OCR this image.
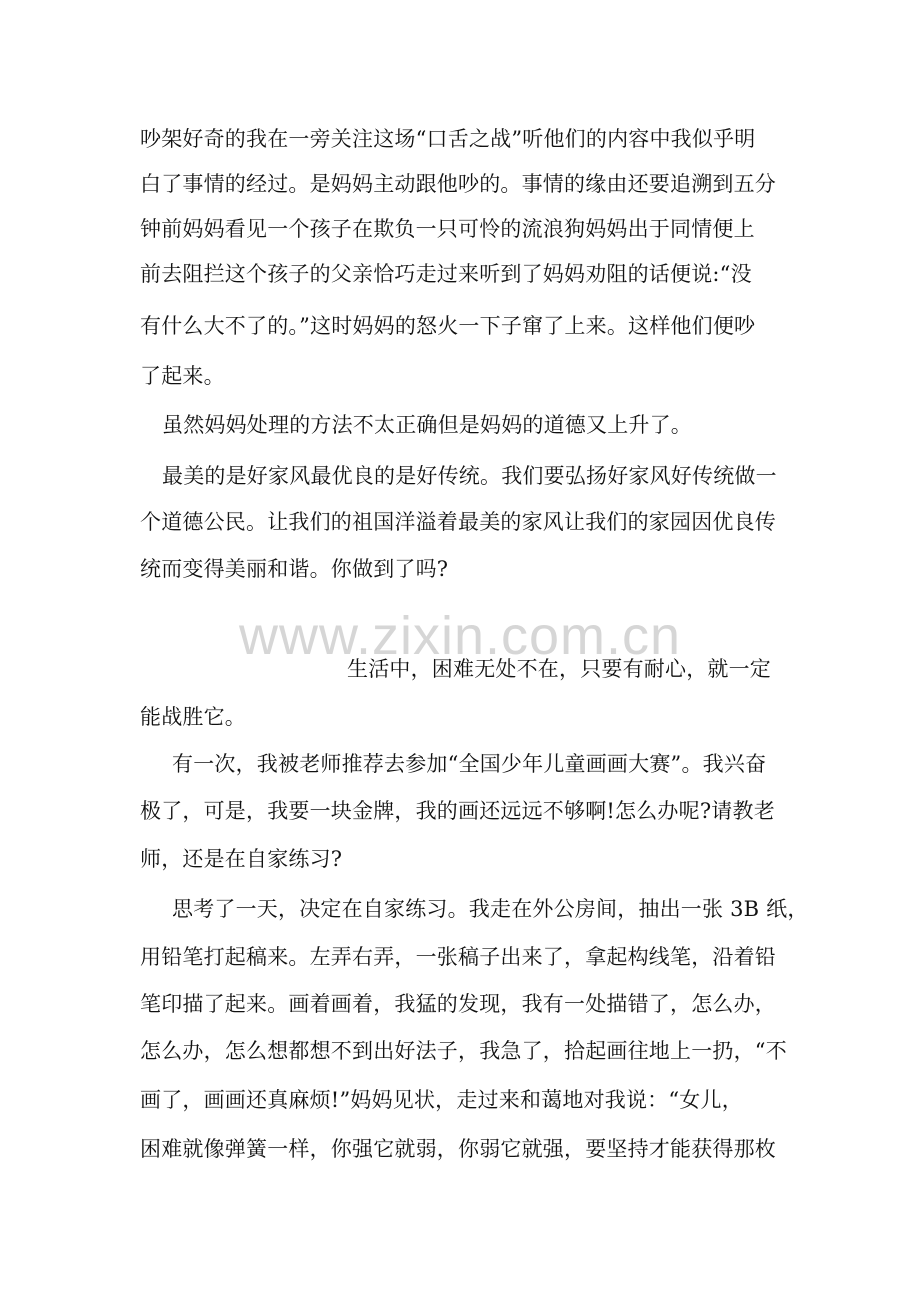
吵架好奇的我在一旁关注这场“口舌之战”听他们的内容中我似乎明
白了事情的经过。是妈妈主动跟他吵的。事情的缘由还要追溯到五分
钟前妈妈看见一个孩子在欺负一只可怜的流浪狗妈妈出于同情便上
前去阻拦这个孩子的父亲恰巧走过来听到了妈妈劝阻的话便说:“没
有什么大不了的。”这时妈妈的怒火一下子窜了上来。这样他们便吵
了起来。
虽然妈妈处理的方法不太正确但是妈妈的道德又上升了。
最美的是好家风最优良的是好传统。我们要弘扬好家风好传统做一
个道德公民。让我们的祖国洋溢着最美的家风让我们的家园因优良传
统而变得美丽和谐。你做到了吗?
www.zixin.com.cn
生活中，困难无处不在，只要有耐心，就一定
能战胜它。
有一次，我被老师推荐去参加“全国少年儿童画画大赛”。我兴奋
极了，可是，我要一块金牌，我的画还远远不够啊!怎么办呢?请教老
师，还是在自家练习?
思考了一天，决定在自家练习。我走在外公房间，抽出一张 3B 纸，
用铅笔打起稿来。左弄右弄，一张稿子出来了，拿起构线笔，沿着铅
笔印描了起来。画着画着，我猛的发现，我有一处描错了，怎么办，
怎么办，怎么想都想不到出好法子，我急了，拾起画往地上一扔，“不
画了，画画还真麻烦!”妈妈见状，走过来和蔼地对我说：“女儿，
困难就像弹簧一样，你强它就弱，你弱它就强，要坚持才能获得那枚
